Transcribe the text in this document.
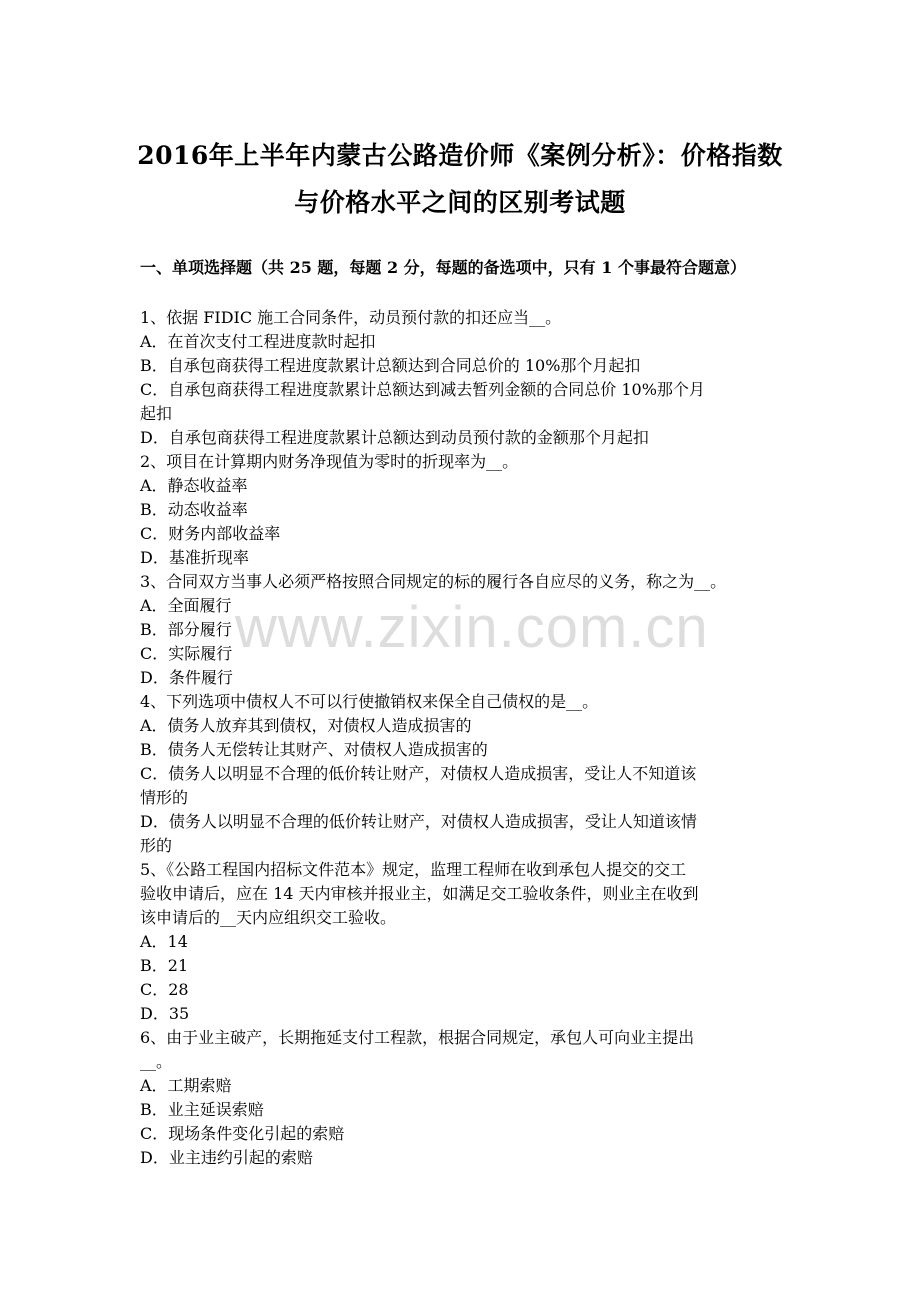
2016年上半年内蒙古公路造价师《案例分析》：价格指数
与价格水平之间的区别考试题
一、单项选择题（共 25 题，每题 2 分，每题的备选项中，只有 1 个事最符合题意）
1、依据 FIDIC 施工合同条件，动员预付款的扣还应当__。
A．在首次支付工程进度款时起扣
B．自承包商获得工程进度款累计总额达到合同总价的 10%那个月起扣
C．自承包商获得工程进度款累计总额达到减去暂列金额的合同总价 10%那个月
起扣
D．自承包商获得工程进度款累计总额达到动员预付款的金额那个月起扣
2、项目在计算期内财务净现值为零时的折现率为__。
A．静态收益率
B．动态收益率
C．财务内部收益率
D．基准折现率
3、合同双方当事人必须严格按照合同规定的标的履行各自应尽的义务，称之为__。
A．全面履行
B．部分履行
C．实际履行
D．条件履行
4、下列选项中债权人不可以行使撤销权来保全自己债权的是__。
A．债务人放弃其到债权，对债权人造成损害的
B．债务人无偿转让其财产、对债权人造成损害的
C．债务人以明显不合理的低价转让财产，对债权人造成损害，受让人不知道该
情形的
D．债务人以明显不合理的低价转让财产，对债权人造成损害，受让人知道该情
形的
5、《公路工程国内招标文件范本》规定，监理工程师在收到承包人提交的交工
验收申请后，应在 14 天内审核并报业主，如满足交工验收条件，则业主在收到
该申请后的__天内应组织交工验收。
A．14
B．21
C．28
D．35
6、由于业主破产，长期拖延支付工程款，根据合同规定，承包人可向业主提出
__。
A．工期索赔
B．业主延误索赔
C．现场条件变化引起的索赔
D．业主违约引起的索赔
www.zixin.com.cn
